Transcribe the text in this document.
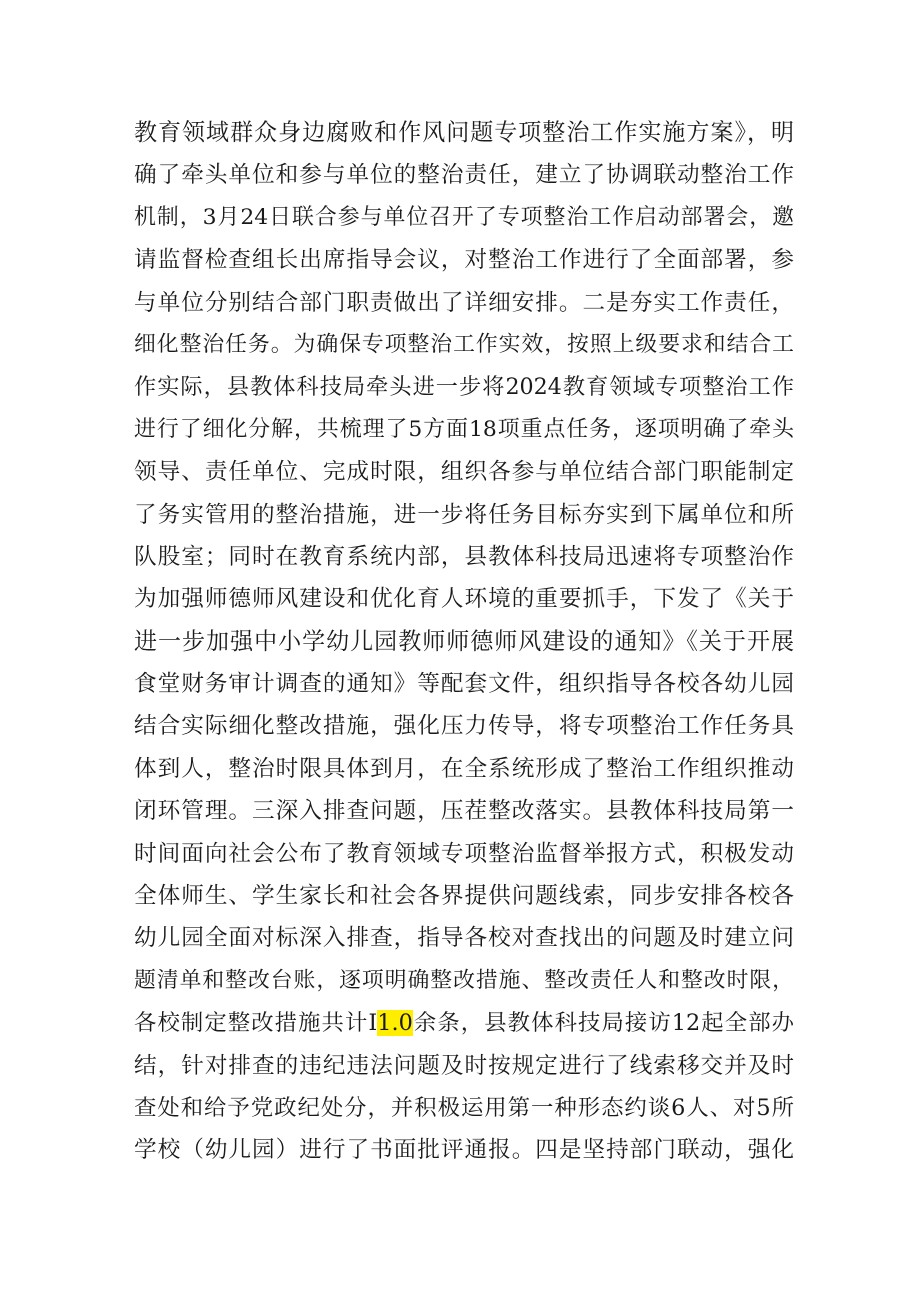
教育领域群众身边腐败和作风问题专项整治工作实施方案》，明
确了牵头单位和参与单位的整治责任，建立了协调联动整治工作
机制，3月24日联合参与单位召开了专项整治工作启动部署会，邀
请监督检查组长出席指导会议，对整治工作进行了全面部署，参
与单位分别结合部门职责做出了详细安排。二是夯实工作责任，
细化整治任务。为确保专项整治工作实效，按照上级要求和结合工
作实际，县教体科技局牵头进一步将2024教育领域专项整治工作
进行了细化分解，共梳理了5方面18项重点任务，逐项明确了牵头
领导、责任单位、完成时限，组织各参与单位结合部门职能制定
了务实管用的整治措施，进一步将任务目标夯实到下属单位和所
队股室；同时在教育系统内部，县教体科技局迅速将专项整治作
为加强师德师风建设和优化育人环境的重要抓手，下发了《关于
进一步加强中小学幼儿园教师师德师风建设的通知》《关于开展
食堂财务审计调查的通知》等配套文件，组织指导各校各幼儿园
结合实际细化整改措施，强化压力传导，将专项整治工作任务具
体到人，整治时限具体到月，在全系统形成了整治工作组织推动
闭环管理。三深入排查问题，压茬整改落实。县教体科技局第一
时间面向社会公布了教育领域专项整治监督举报方式，积极发动
全体师生、学生家长和社会各界提供问题线索，同步安排各校各
幼儿园全面对标深入排查，指导各校对查找出的问题及时建立问
题清单和整改台账，逐项明确整改措施、整改责任人和整改时限，
各校制定整改措施共计I1.0余条，县教体科技局接访12起全部办
结，针对排查的违纪违法问题及时按规定进行了线索移交并及时
查处和给予党政纪处分，并积极运用第一种形态约谈6人、对5所
学校（幼儿园）进行了书面批评通报。四是坚持部门联动，强化
